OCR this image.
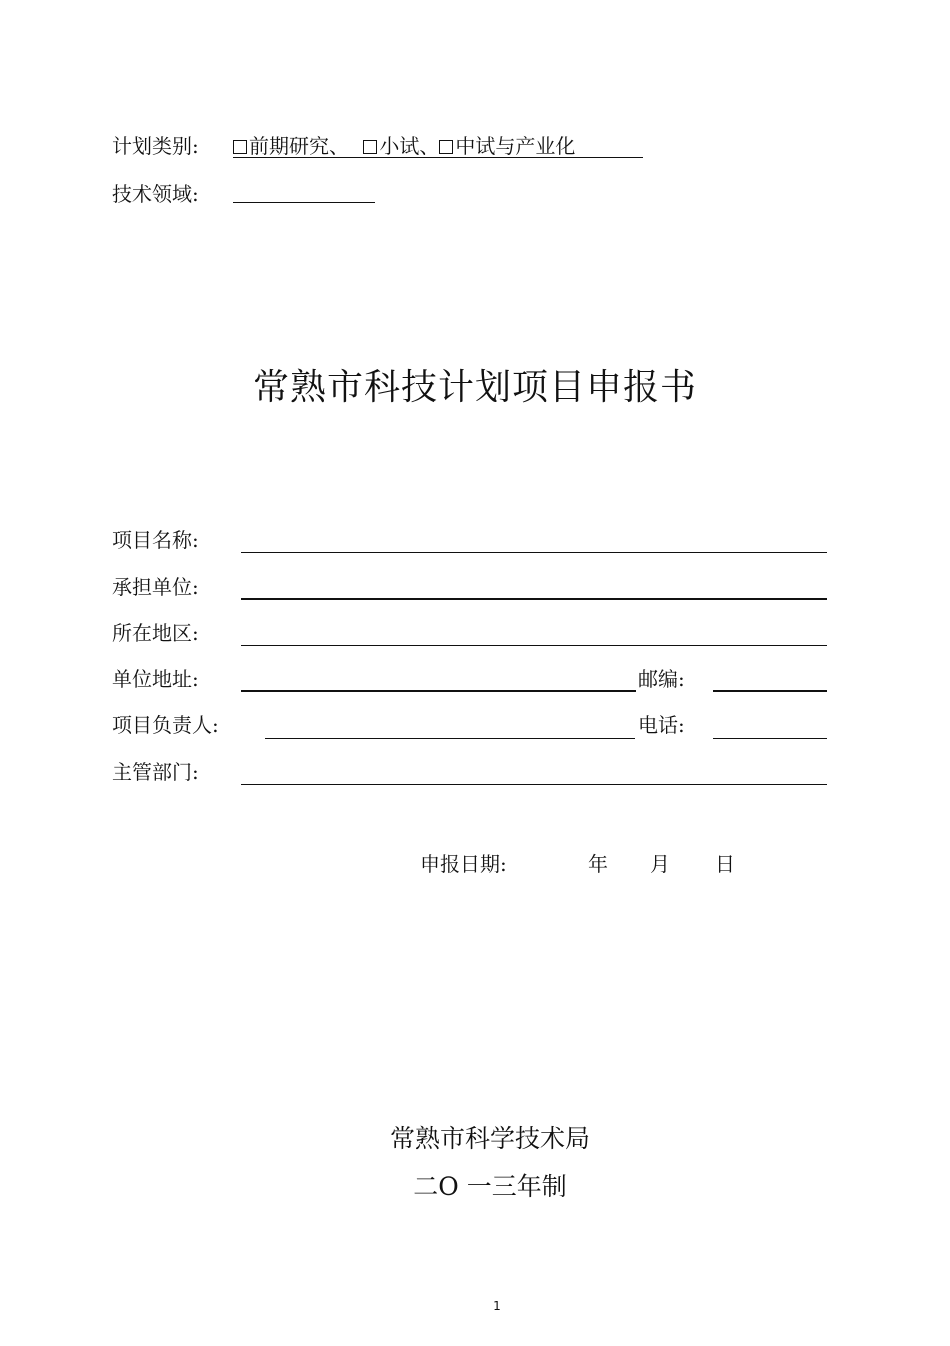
计划类别:	前期研究、 小试、 中试与产业化
技术领域:
常熟市科技计划项目申报书
项目名称:
承担单位:
所在地区:
单位地址:	邮编:
项目负责人:	电话:
主管部门:
申报日期:	年 月 日
常熟市科学技术局
二O 一三年制
1
